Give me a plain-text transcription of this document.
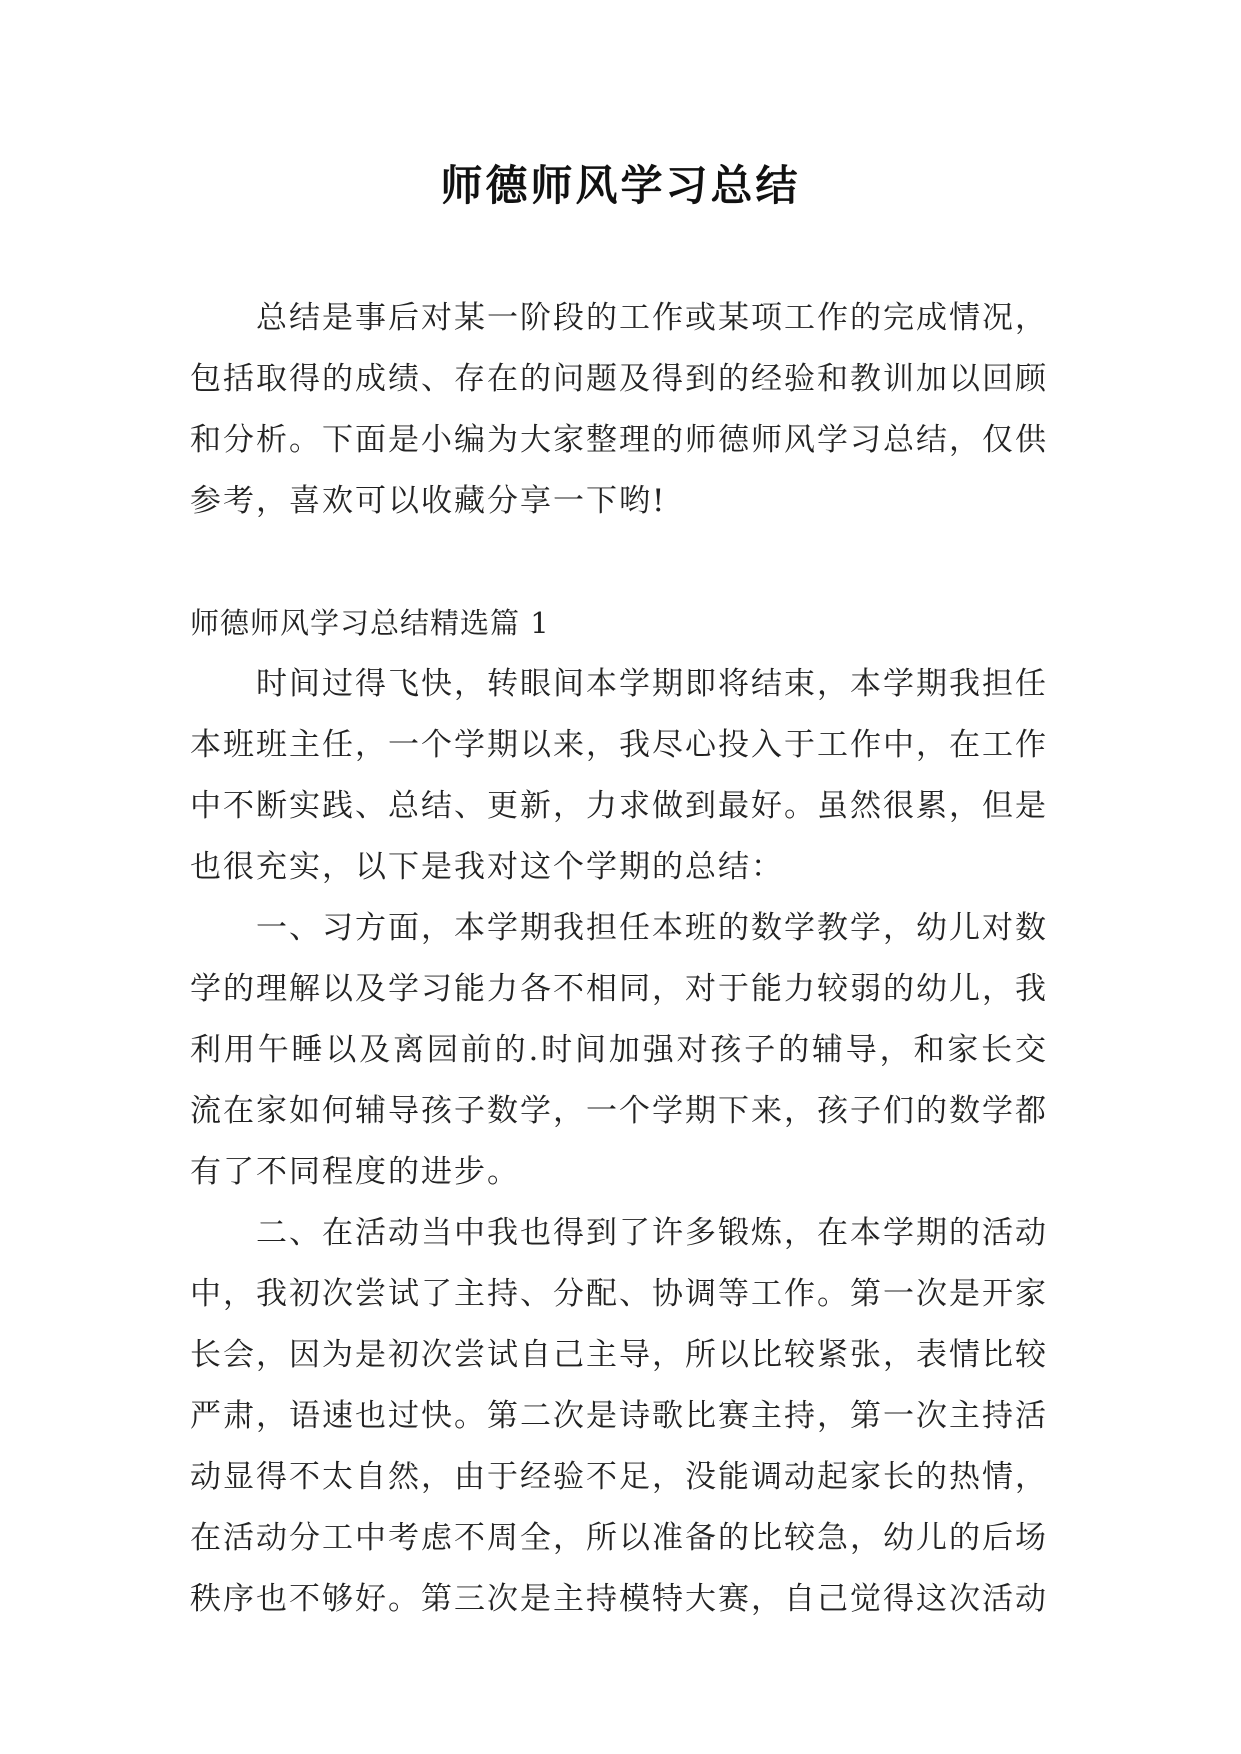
师德师风学习总结

总结是事后对某一阶段的工作或某项工作的完成情况，包括取得的成绩、存在的问题及得到的经验和教训加以回顾和分析。下面是小编为大家整理的师德师风学习总结，仅供参考，喜欢可以收藏分享一下哟!

师德师风学习总结精选篇 1

时间过得飞快，转眼间本学期即将结束，本学期我担任本班班主任，一个学期以来，我尽心投入于工作中，在工作中不断实践、总结、更新，力求做到最好。虽然很累，但是也很充实，以下是我对这个学期的总结：

一、习方面，本学期我担任本班的数学教学，幼儿对数学的理解以及学习能力各不相同，对于能力较弱的幼儿，我利用午睡以及离园前的.时间加强对孩子的辅导，和家长交流在家如何辅导孩子数学，一个学期下来，孩子们的数学都有了不同程度的进步。

二、在活动当中我也得到了许多锻炼，在本学期的活动中，我初次尝试了主持、分配、协调等工作。第一次是开家长会，因为是初次尝试自己主导，所以比较紧张，表情比较严肃，语速也过快。第二次是诗歌比赛主持，第一次主持活动显得不太自然，由于经验不足，没能调动起家长的热情，在活动分工中考虑不周全，所以准备的比较急，幼儿的后场秩序也不够好。第三次是主持模特大赛，自己觉得这次活动
